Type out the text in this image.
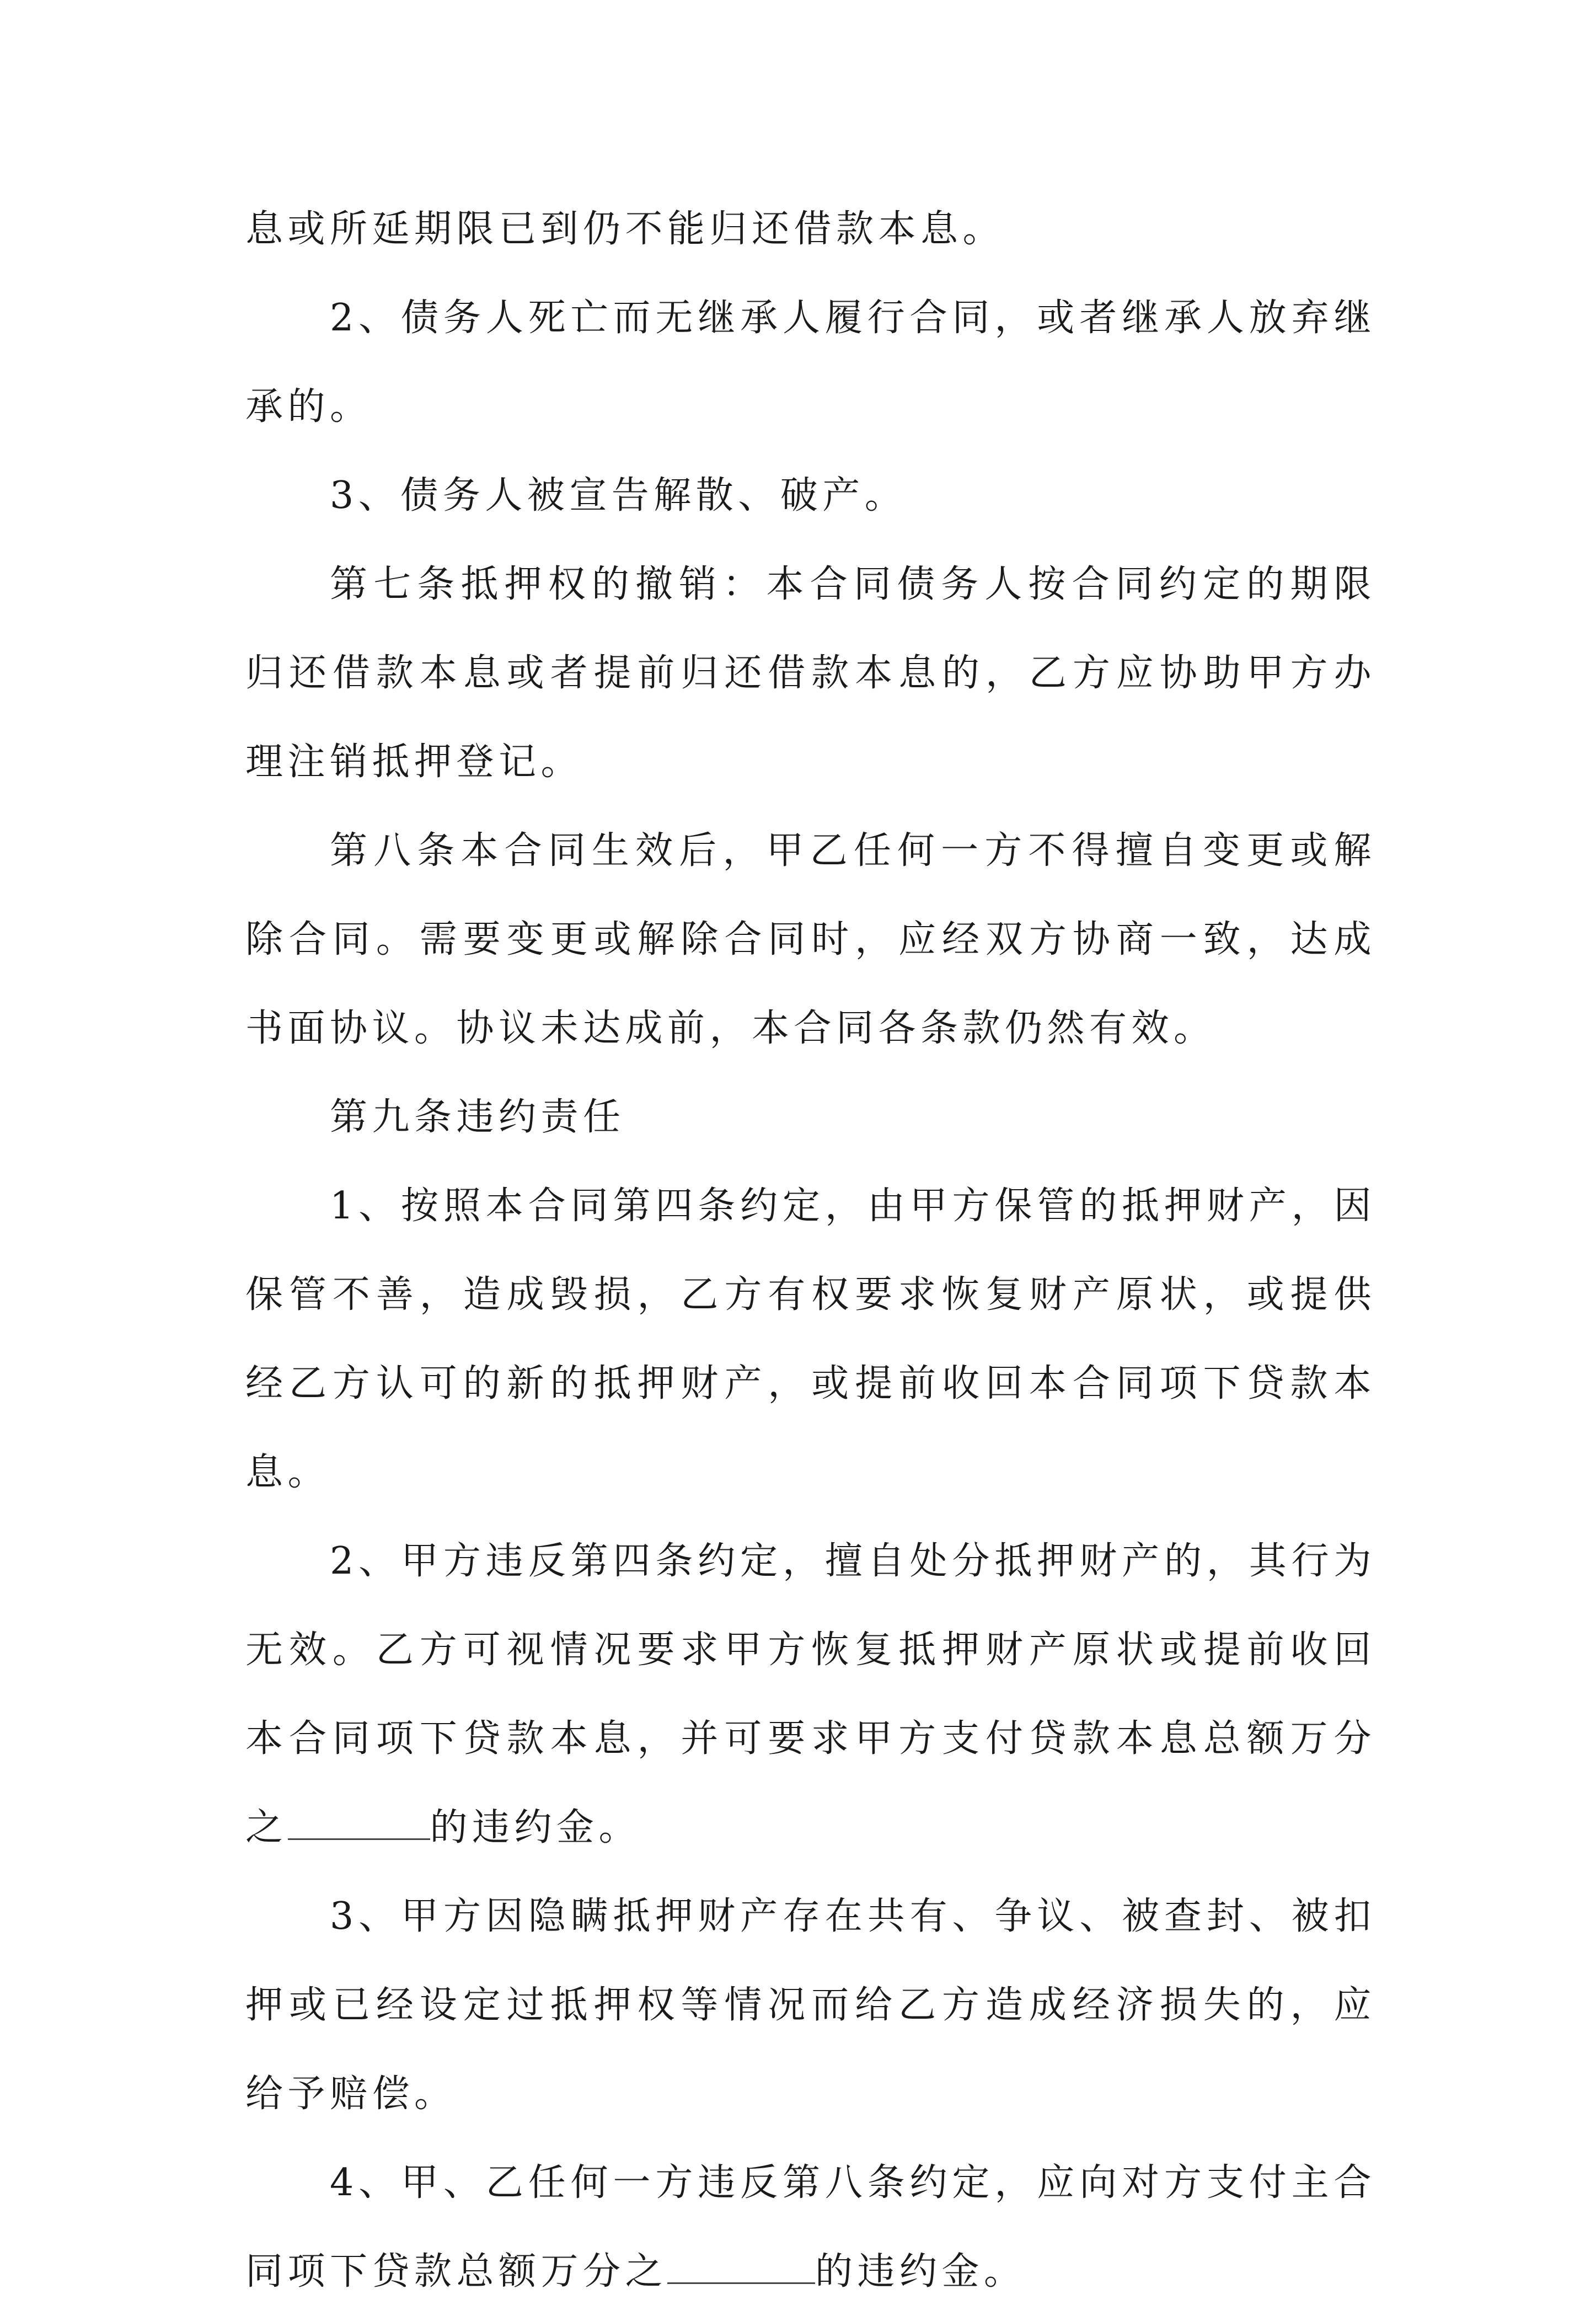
息或所延期限已到仍不能归还借款本息。

2、债务人死亡而无继承人履行合同，或者继承人放弃继承的。

3、债务人被宣告解散、破产。

第七条抵押权的撤销：本合同债务人按合同约定的期限归还借款本息或者提前归还借款本息的，乙方应协助甲方办理注销抵押登记。

第八条本合同生效后，甲乙任何一方不得擅自变更或解除合同。需要变更或解除合同时，应经双方协商一致，达成书面协议。协议未达成前，本合同各条款仍然有效。

第九条违约责任

1、按照本合同第四条约定，由甲方保管的抵押财产，因保管不善，造成毁损，乙方有权要求恢复财产原状，或提供经乙方认可的新的抵押财产，或提前收回本合同项下贷款本息。

2、甲方违反第四条约定，擅自处分抵押财产的，其行为无效。乙方可视情况要求甲方恢复抵押财产原状或提前收回本合同项下贷款本息，并可要求甲方支付贷款本息总额万分之	的违约金。

3、甲方因隐瞒抵押财产存在共有、争议、被查封、被扣押或已经设定过抵押权等情况而给乙方造成经济损失的，应给予赔偿。

4、甲、乙任何一方违反第八条约定，应向对方支付主合同项下贷款总额万分之	的违约金。
